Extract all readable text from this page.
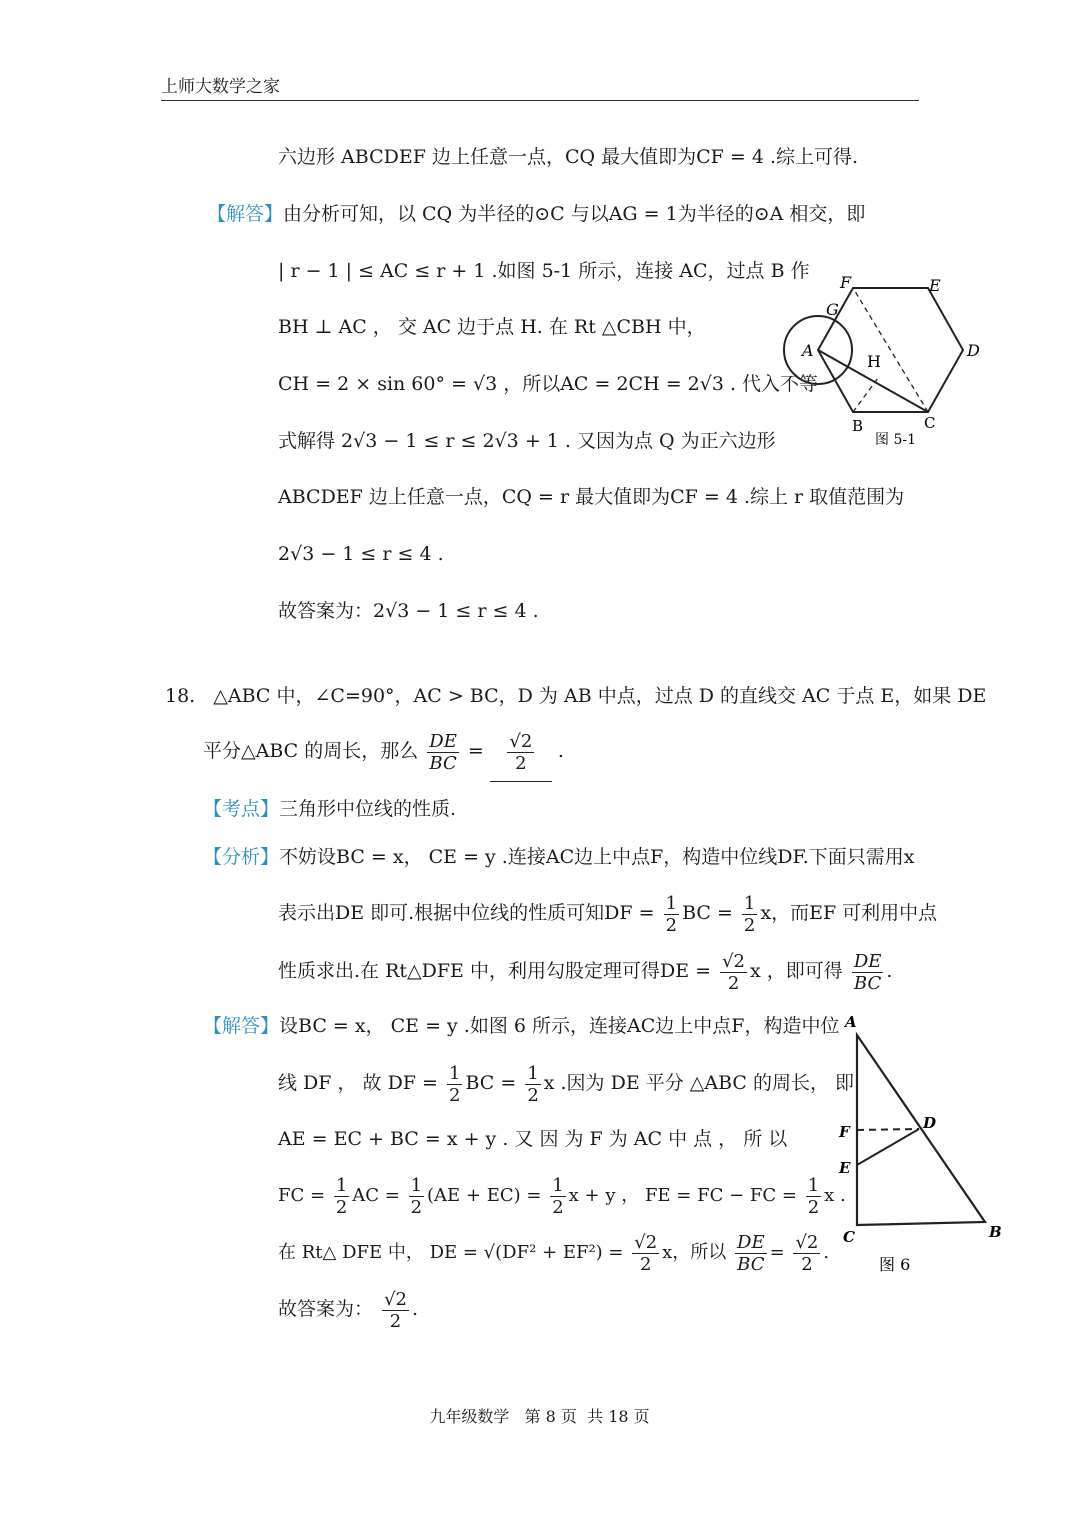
上师大数学之家
六边形 ABCDEF 边上任意一点，CQ 最大值即为CF = 4 .综上可得.
【解答】由分析可知，以 CQ 为半径的⊙C 与以AG = 1为半径的⊙A 相交，即
| r − 1 | ≤ AC ≤ r + 1 .如图 5-1 所示，连接 AC，过点 B 作
BH ⊥ AC ， 交 AC 边于点 H. 在 Rt △CBH 中，
CH = 2 × sin 60° = √3 ，所以AC = 2CH = 2√3 . 代入不等
式解得 2√3 − 1 ≤ r ≤ 2√3 + 1 . 又因为点 Q 为正六边形
ABCDEF 边上任意一点，CQ = r 最大值即为CF = 4 .综上 r 取值范围为
2√3 − 1 ≤ r ≤ 4 .
故答案为：2√3 − 1 ≤ r ≤ 4 .
A
B	C
D
E
F
G
H
图 5-1
18. △ABC 中，∠C=90°，AC > BC，D 为 AB 中点，过点 D 的直线交 AC 于点 E，如果 DE
平分△ABC 的周长，那么 $\frac{DE}{BC} = \frac{√2}{2}$ .
【考点】三角形中位线的性质.
【分析】不妨设BC = x， CE = y .连接AC边上中点F，构造中位线DF.下面只需用x
表示出DE 即可.根据中位线的性质可知DF = $\frac{1}{2}$ BC = $\frac{1}{2}$ x，而EF 可利用中点
性质求出.在 Rt△DFE 中，利用勾股定理可得DE = $\frac{√2}{2}$ x ，即可得 $\frac{DE}{BC}$ .
【解答】设BC = x， CE = y .如图 6 所示，连接AC边上中点F，构造中位
线 DF ， 故 DF = $\frac{1}{2}$ BC = $\frac{1}{2}$ x .因为 DE 平分 △ABC 的周长， 即
AE = EC + BC = x + y . 又 因 为 F 为 AC 中 点 ， 所 以
FC = $\frac{1}{2}$ AC = $\frac{1}{2} (AE + EC) = \frac{1}{2}$ x + y ， FE = FC − FC = $\frac{1}{2}$ x .
在 Rt△ DFE 中， DE = $√(DF^2 + EF^2) = \frac{√2}{2}$ x，所以 $\frac{DE}{BC} = \frac{√2}{2}$ .
故答案为： $\frac{√2}{2}$ .
A
B
C
D
E
F
图 6
九年级数学   第 8 页  共 18 页
